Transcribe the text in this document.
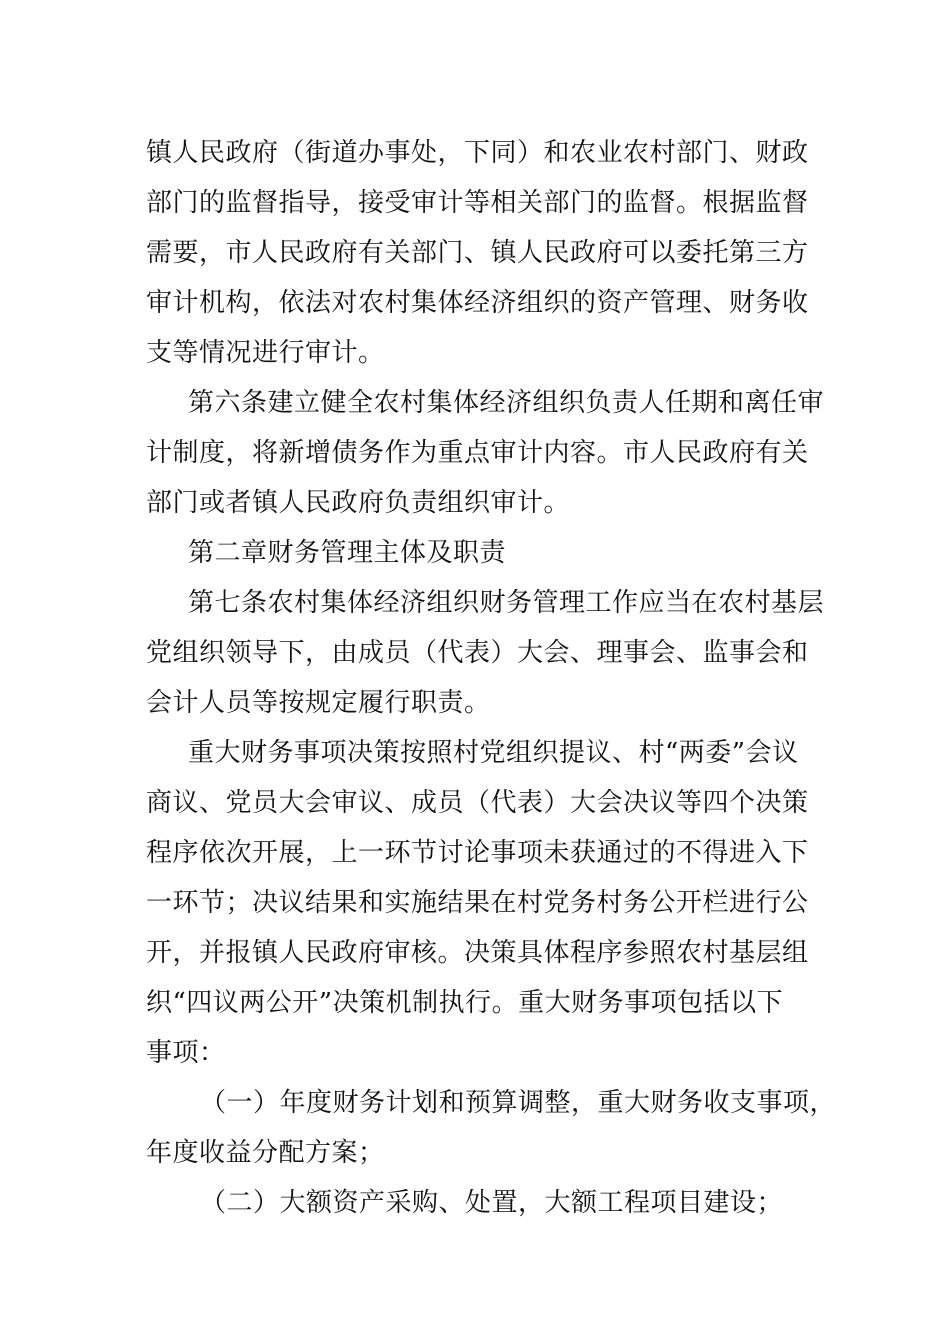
镇人民政府（街道办事处，下同）和农业农村部门、财政
部门的监督指导，接受审计等相关部门的监督。根据监督
需要，市人民政府有关部门、镇人民政府可以委托第三方
审计机构，依法对农村集体经济组织的资产管理、财务收
支等情况进行审计。
第六条建立健全农村集体经济组织负责人任期和离任审
计制度，将新增债务作为重点审计内容。市人民政府有关
部门或者镇人民政府负责组织审计。
第二章财务管理主体及职责
第七条农村集体经济组织财务管理工作应当在农村基层
党组织领导下，由成员（代表）大会、理事会、监事会和
会计人员等按规定履行职责。
重大财务事项决策按照村党组织提议、村“两委”会议
商议、党员大会审议、成员（代表）大会决议等四个决策
程序依次开展，上一环节讨论事项未获通过的不得进入下
一环节；决议结果和实施结果在村党务村务公开栏进行公
开，并报镇人民政府审核。决策具体程序参照农村基层组
织“四议两公开”决策机制执行。重大财务事项包括以下
事项：
（一）年度财务计划和预算调整，重大财务收支事项，
年度收益分配方案；
（二）大额资产采购、处置，大额工程项目建设；
